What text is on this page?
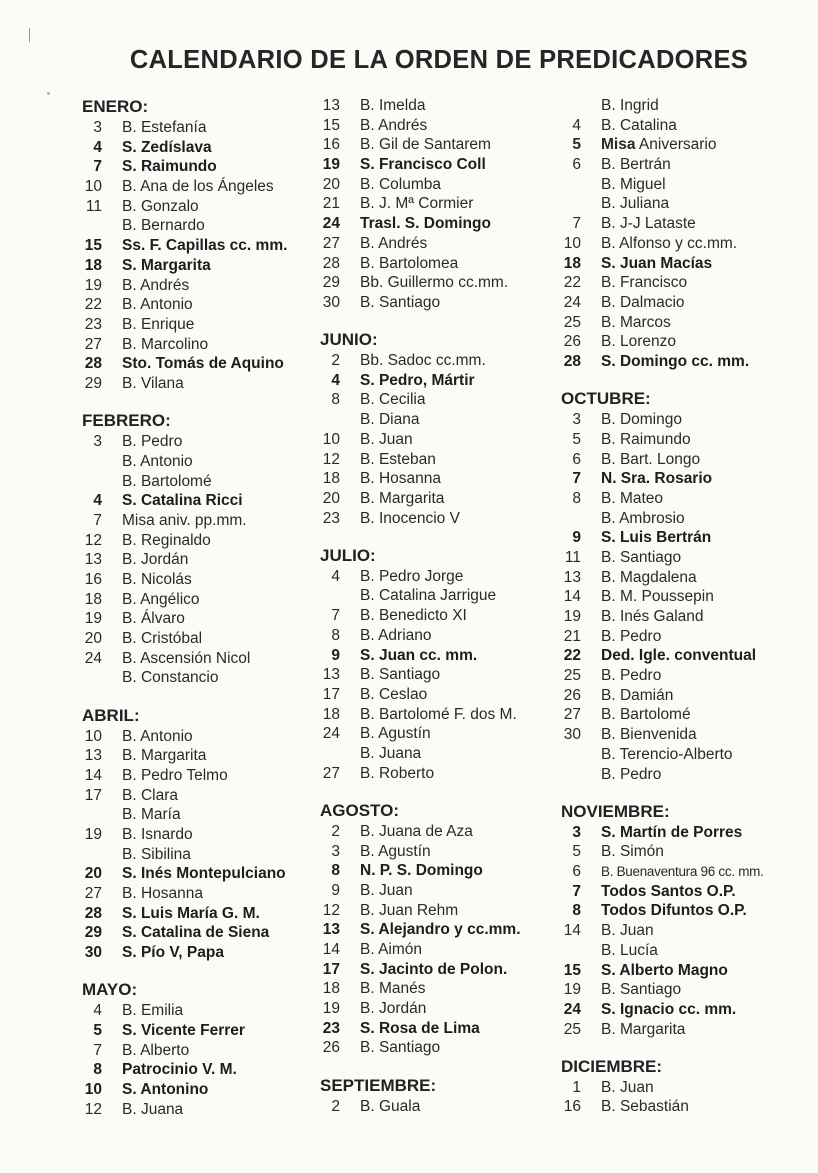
CALENDARIO DE LA ORDEN DE PREDICADORES
ENERO:
3 B. Estefanía
4 S. Zedíslava
7 S. Raimundo
10 B. Ana de los Ángeles
11 B. Gonzalo
B. Bernardo
15 Ss. F. Capillas cc. mm.
18 S. Margarita
19 B. Andrés
22 B. Antonio
23 B. Enrique
27 B. Marcolino
28 Sto. Tomás de Aquino
29 B. Vilana
FEBRERO:
3 B. Pedro
B. Antonio
B. Bartolomé
4 S. Catalina Ricci
7 Misa aniv. pp.mm.
12 B. Reginaldo
13 B. Jordán
16 B. Nicolás
18 B. Angélico
19 B. Álvaro
20 B. Cristóbal
24 B. Ascensión Nicol
B. Constancio
ABRIL:
10 B. Antonio
13 B. Margarita
14 B. Pedro Telmo
17 B. Clara
B. María
19 B. Isnardo
B. Sibilina
20 S. Inés Montepulciano
27 B. Hosanna
28 S. Luis María G. M.
29 S. Catalina de Siena
30 S. Pío V, Papa
MAYO:
4 B. Emilia
5 S. Vicente Ferrer
7 B. Alberto
8 Patrocinio V. M.
10 S. Antonino
12 B. Juana
13 B. Imelda
15 B. Andrés
16 B. Gil de Santarem
19 S. Francisco Coll
20 B. Columba
21 B. J. Mª Cormier
24 Trasl. S. Domingo
27 B. Andrés
28 B. Bartolomea
29 Bb. Guillermo cc.mm.
30 B. Santiago
JUNIO:
2 Bb. Sadoc cc.mm.
4 S. Pedro, Mártir
8 B. Cecilia
B. Diana
10 B. Juan
12 B. Esteban
18 B. Hosanna
20 B. Margarita
23 B. Inocencio V
JULIO:
4 B. Pedro Jorge
B. Catalina Jarrigue
7 B. Benedicto XI
8 B. Adriano
9 S. Juan cc. mm.
13 B. Santiago
17 B. Ceslao
18 B. Bartolomé F. dos M.
24 B. Agustín
B. Juana
27 B. Roberto
AGOSTO:
2 B. Juana de Aza
3 B. Agustín
8 N. P. S. Domingo
9 B. Juan
12 B. Juan Rehm
13 S. Alejandro y cc.mm.
14 B. Aimón
17 S. Jacinto de Polon.
18 B. Manés
19 B. Jordán
23 S. Rosa de Lima
26 B. Santiago
SEPTIEMBRE:
2 B. Guala
B. Ingrid
4 B. Catalina
5 Misa Aniversario
6 B. Bertrán
B. Miguel
B. Juliana
7 B. J-J Lataste
10 B. Alfonso y cc.mm.
18 S. Juan Macías
22 B. Francisco
24 B. Dalmacio
25 B. Marcos
26 B. Lorenzo
28 S. Domingo cc. mm.
OCTUBRE:
3 B. Domingo
5 B. Raimundo
6 B. Bart. Longo
7 N. Sra. Rosario
8 B. Mateo
B. Ambrosio
9 S. Luis Bertrán
11 B. Santiago
13 B. Magdalena
14 B. M. Poussepin
19 B. Inés Galand
21 B. Pedro
22 Ded. Igle. conventual
25 B. Pedro
26 B. Damián
27 B. Bartolomé
30 B. Bienvenida
B. Terencio-Alberto
B. Pedro
NOVIEMBRE:
3 S. Martín de Porres
5 B. Simón
6 B. Buenaventura 96 cc. mm.
7 Todos Santos O.P.
8 Todos Difuntos O.P.
14 B. Juan
B. Lucía
15 S. Alberto Magno
19 B. Santiago
24 S. Ignacio cc. mm.
25 B. Margarita
DICIEMBRE:
1 B. Juan
16 B. Sebastián
